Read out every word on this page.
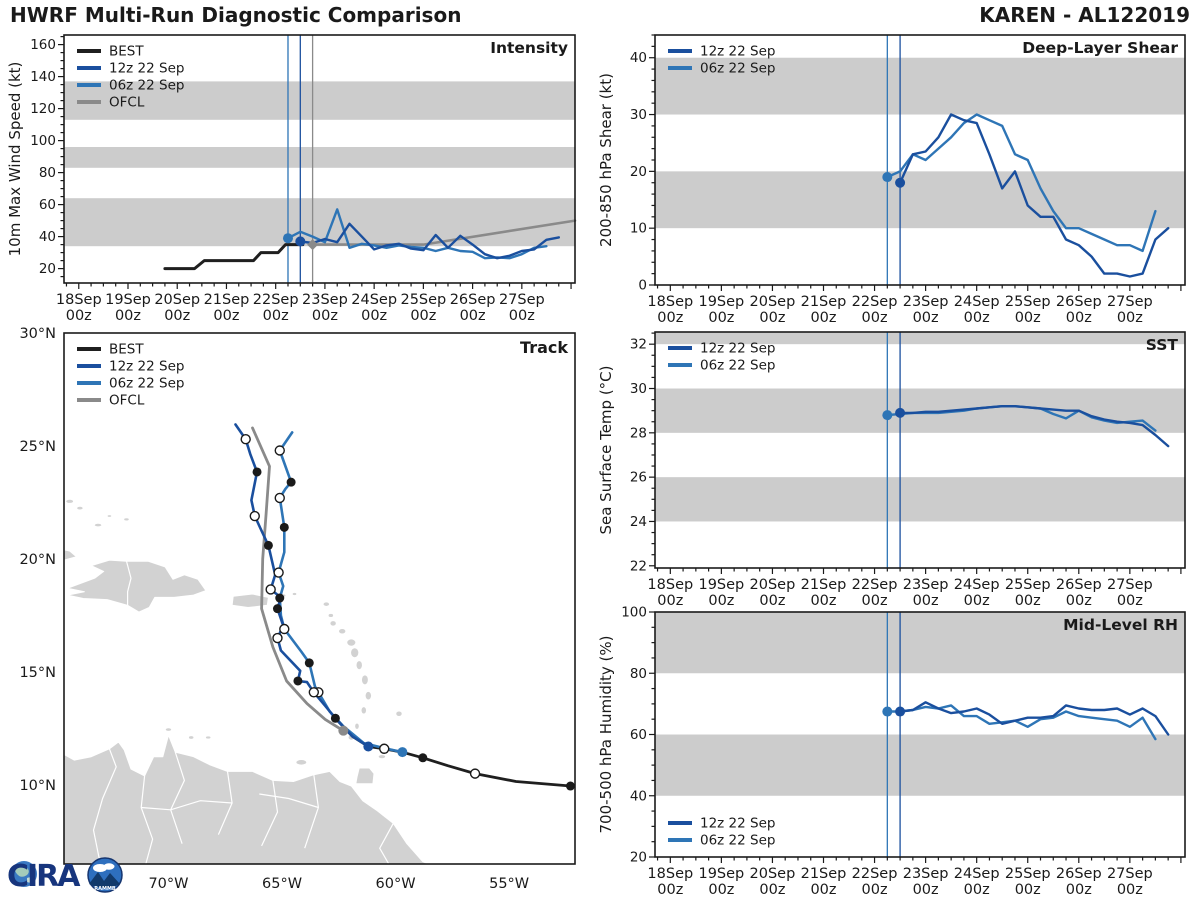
HWRF Multi-Run Diagnostic Comparison	KAREN - AL122019
20
40
60
80
100
120
140
160
18Sep
00z
19Sep
00z
20Sep
00z
21Sep
00z
22Sep
00z
23Sep
00z
24Sep
00z
25Sep
00z
26Sep
00z
27Sep
00z
10m Max Wind Speed (kt)
Intensity
BEST
12z 22 Sep
06z 22 Sep
OFCL
0
10
20
30
40
18Sep
00z
19Sep
00z
20Sep
00z
21Sep
00z
22Sep
00z
23Sep
00z
24Sep
00z
25Sep
00z
26Sep
00z
27Sep
00z
200-850 hPa Shear (kt)
Deep-Layer Shear
12z 22 Sep
06z 22 Sep
22
24
26
28
30
32
18Sep
00z
19Sep
00z
20Sep
00z
21Sep
00z
22Sep
00z
23Sep
00z
24Sep
00z
25Sep
00z
26Sep
00z
27Sep
00z
Sea Surface Temp (°C)
SST
12z 22 Sep
06z 22 Sep
20
40
60
80
100
18Sep
00z
19Sep
00z
20Sep
00z
21Sep
00z
22Sep
00z
23Sep
00z
24Sep
00z
25Sep
00z
26Sep
00z
27Sep
00z
700-500 hPa Humidity (%)
Mid-Level RH
12z 22 Sep
06z 22 Sep
10°N
15°N
20°N
25°N
30°N
70°W	65°W	60°W	55°W
Track
BEST
12z 22 Sep
06z 22 Sep
OFCL
CIRA	RAMMB
